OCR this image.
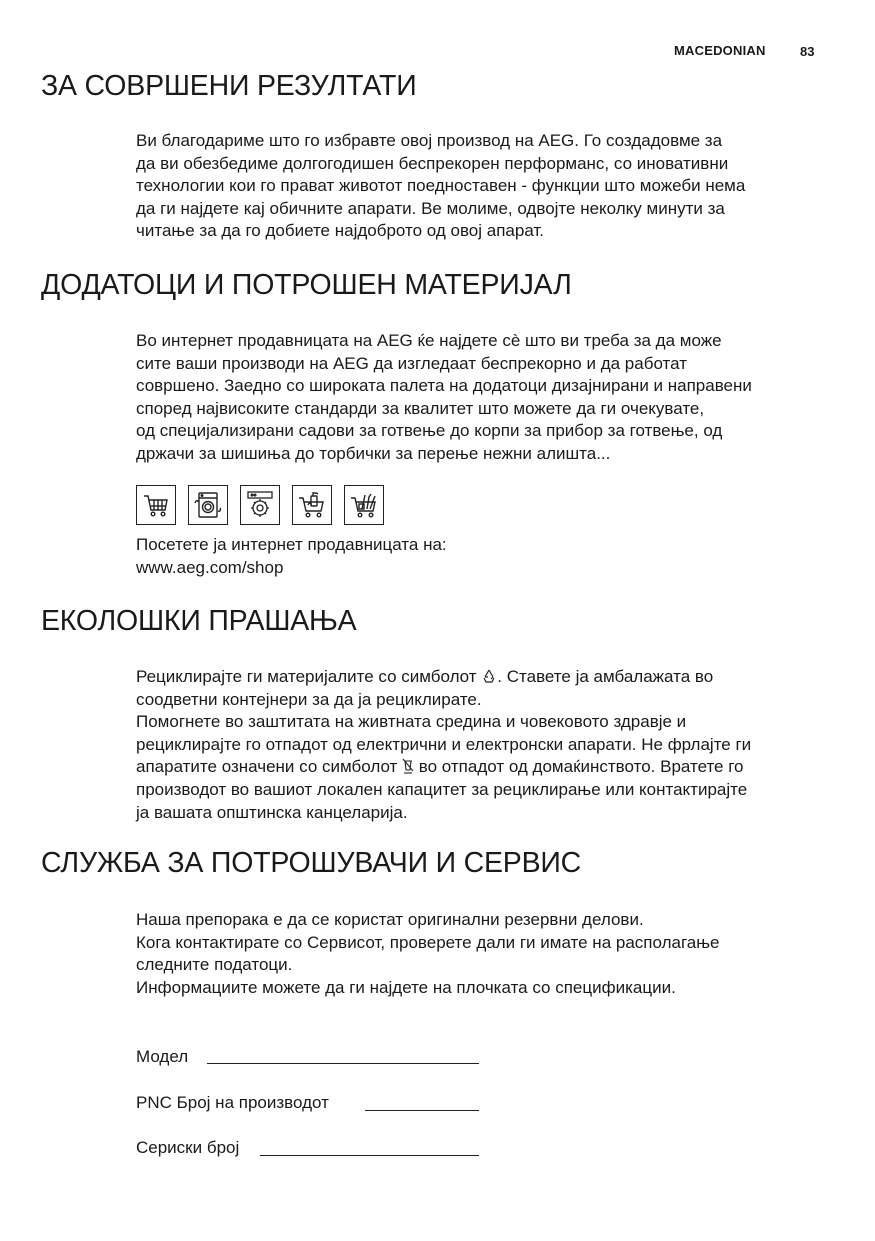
MACEDONIAN	83
ЗА СОВРШЕНИ РЕЗУЛТАТИ

Ви благодариме што го избравте овој производ на AEG. Го создадовме за
да ви обезбедиме долгогодишен беспрекорен перформанс, со иновативни
технологии кои го прават животот поедноставен - функции што можеби нема
да ги најдете кај обичните апарати. Ве молиме, одвојте неколку минути за
читање за да го добиете најдоброто од овој апарат.

ДОДАТОЦИ И ПОТРОШЕН МАТЕРИЈАЛ

Во интернет продавницата на AEG ќе најдете сè што ви треба за да може
сите ваши производи на AEG да изгледаат беспрекорно и да работат
совршено. Заедно со широката палета на додатоци дизајнирани и направени
според највисоките стандарди за квалитет што можете да ги очекувате,
од специјализирани садови за готвење до корпи за прибор за готвење, од
држачи за шишиња до торбички за перење нежни алишта...

Посетете ја интернет продавницата на:
www.aeg.com/shop

ЕКОЛОШКИ ПРАШАЊА
Рециклирајте ги материјалите со симболот . Ставете ја амбалажата во
соодветни контејнери за да ја рециклирате.
Помогнете во заштитата на живтната средина и човековото здравје и
рециклирајте го отпадот од електрични и електронски апарати. Не фрлајте ги
апаратите означени со симболот во отпадот од домаќинството. Вратете го
производот во вашиот локален капацитет за рециклирање или контактирајте
ја вашата општинска канцеларија.
СЛУЖБА ЗА ПОТРОШУВАЧИ И СЕРВИС

Наша препорака е да се користат оригинални резервни делови.
Кога контактирате со Сервисот, проверете дали ги имате на располагање
следните податоци.
Информациите можете да ги најдете на плочката со спецификации.

Модел
PNC Број на производот
Сериски број
